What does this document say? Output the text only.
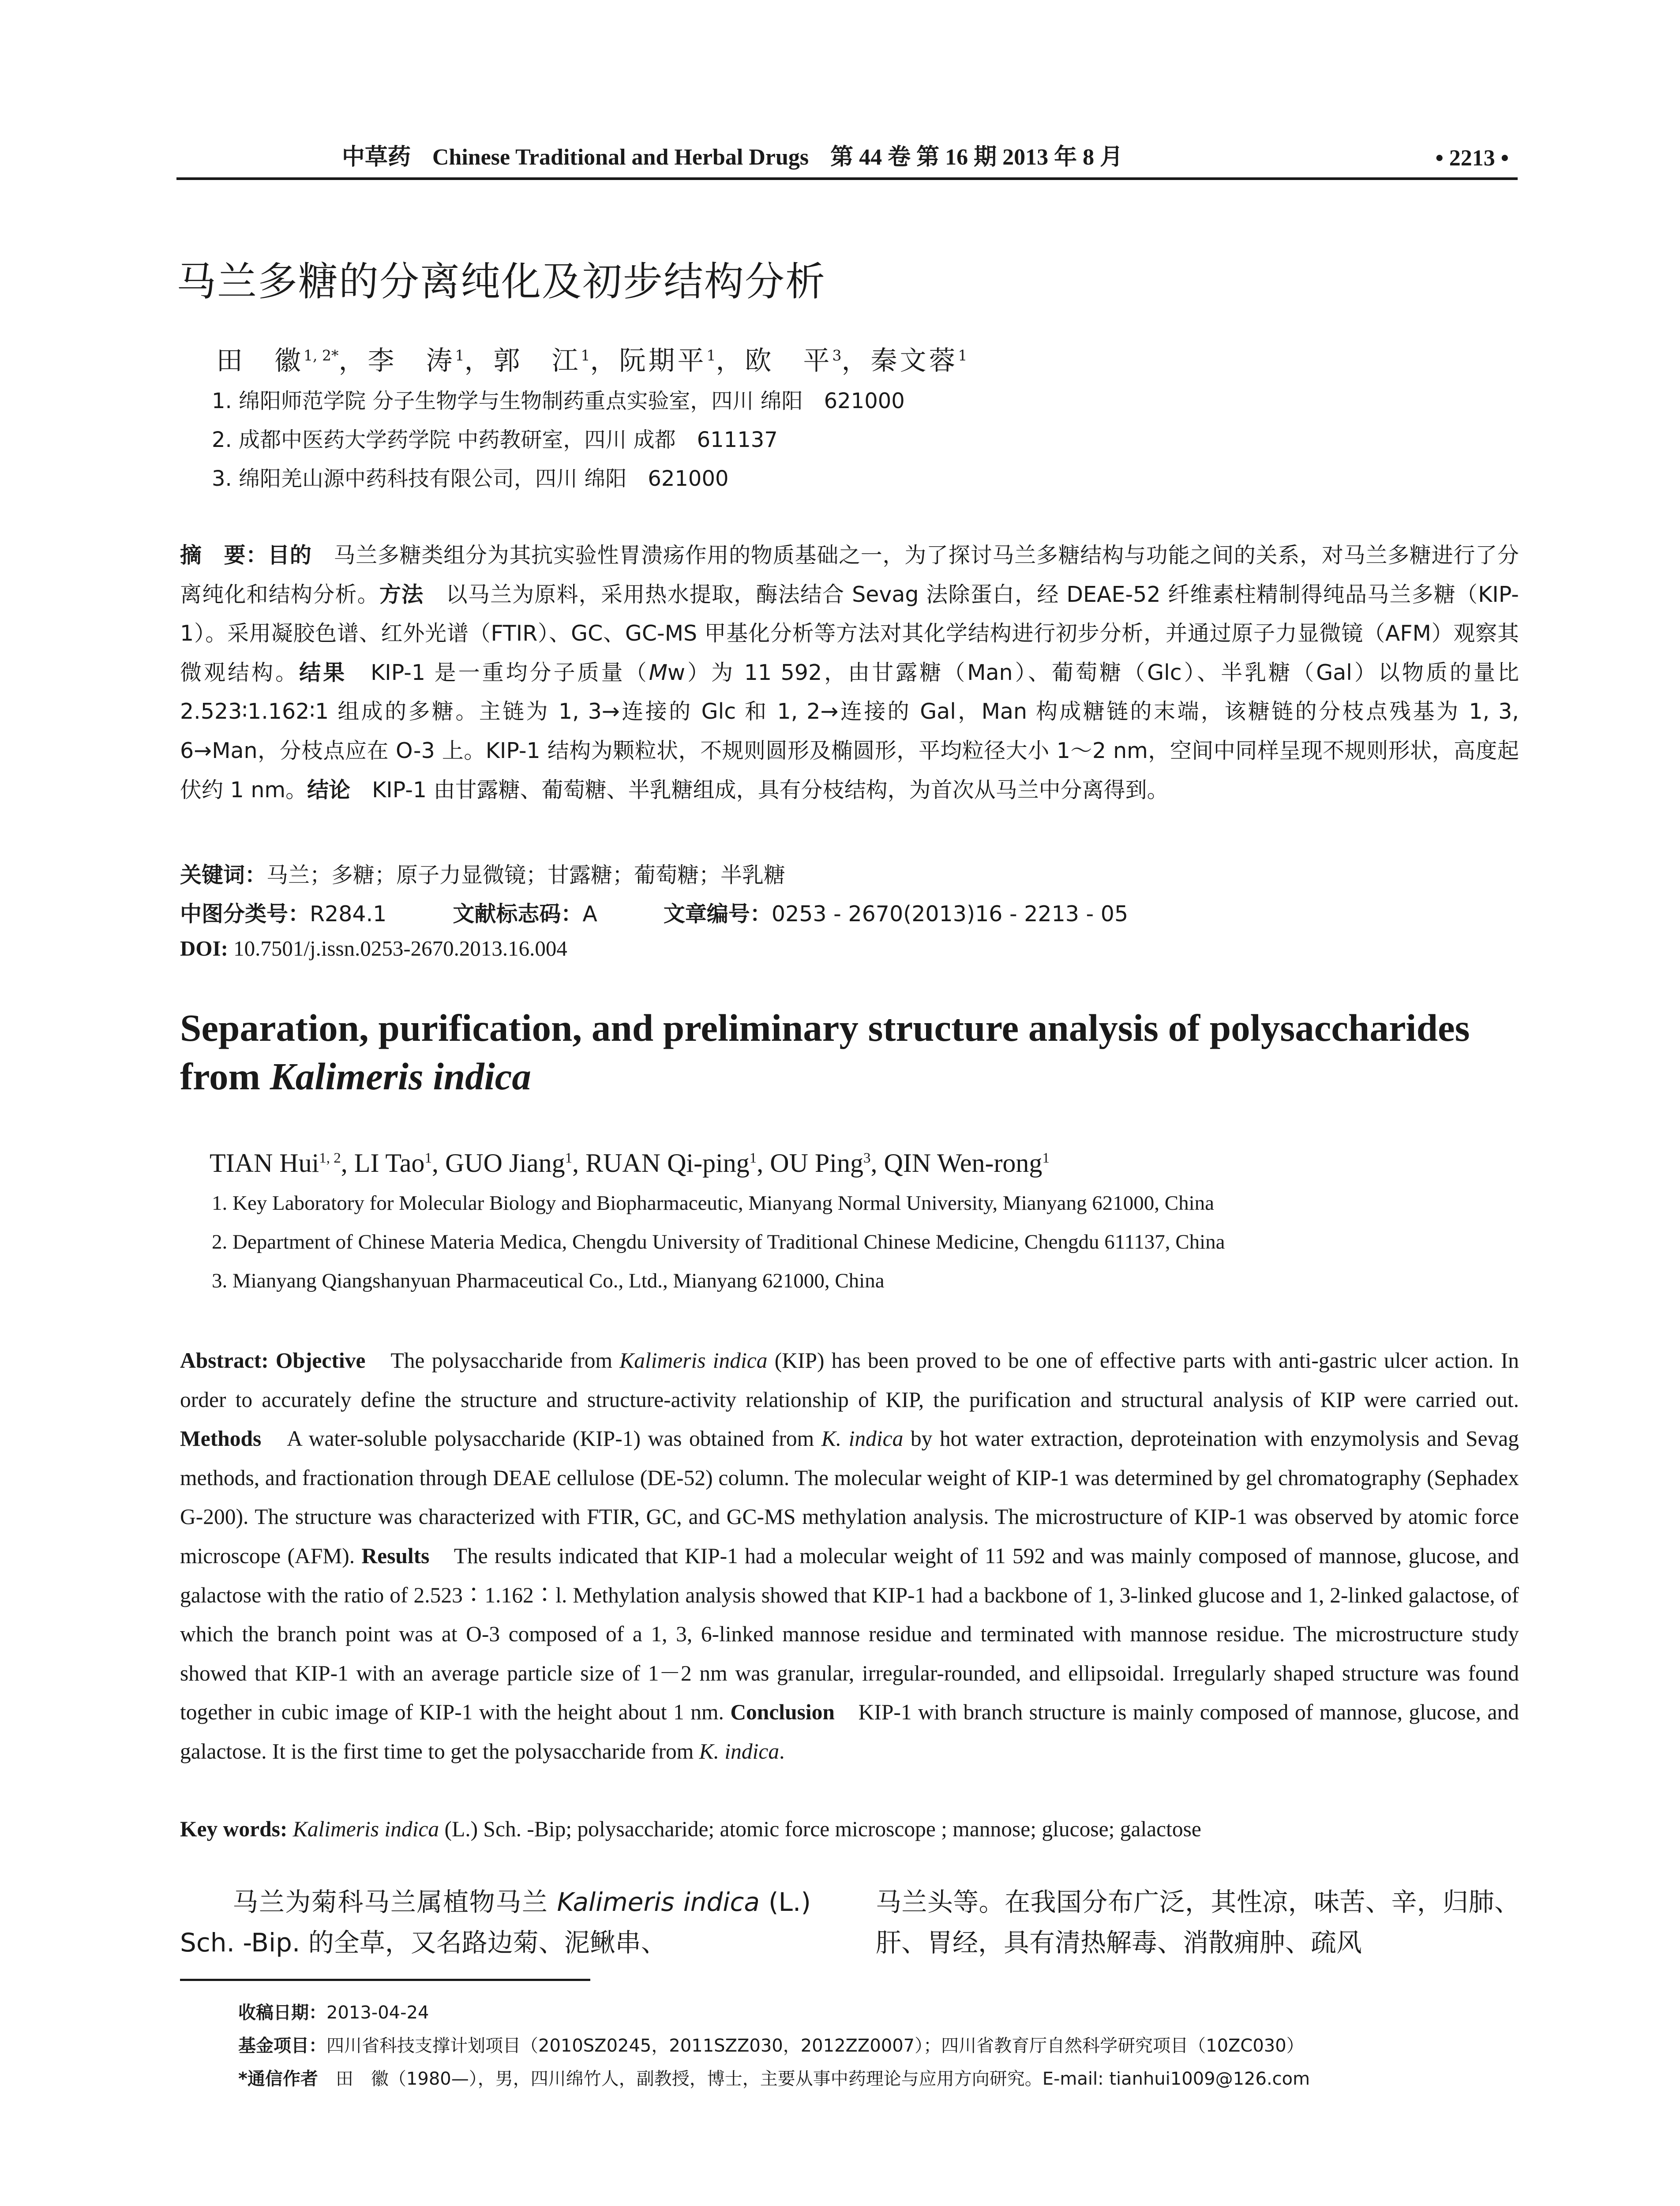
中草药 Chinese Traditional and Herbal Drugs 第 44 卷 第 16 期 2013 年 8 月	• 2213 •
马兰多糖的分离纯化及初步结构分析
田　徽$^{1, 2*}$，李　涛$^1$，郭　江$^1$，阮期平$^1$，欧　平$^3$，秦文蓉$^1$
1. 绵阳师范学院 分子生物学与生物制药重点实验室，四川 绵阳　621000
2. 成都中医药大学药学院 中药教研室，四川 成都　611137
3. 绵阳羌山源中药科技有限公司，四川 绵阳　621000
摘　要：目的　马兰多糖类组分为其抗实验性胃溃疡作用的物质基础之一，为了探讨马兰多糖结构与功能之间的关系，对马兰多糖进行了分离纯化和结构分析。方法　以马兰为原料，采用热水提取，酶法结合 Sevag 法除蛋白，经 DEAE-52 纤维素柱精制得纯品马兰多糖（KIP-1）。采用凝胶色谱、红外光谱（FTIR）、GC、GC-MS 甲基化分析等方法对其化学结构进行初步分析，并通过原子力显微镜（AFM）观察其微观结构。结果　KIP-1 是一重均分子质量（Mw）为 11 592，由甘露糖（Man）、葡萄糖（Glc）、半乳糖（Gal）以物质的量比 2.523∶1.162∶1 组成的多糖。主链为 1, 3→连接的 Glc 和 1, 2→连接的 Gal，Man 构成糖链的末端，该糖链的分枝点残基为 1, 3, 6→Man，分枝点应在 O-3 上。KIP-1 结构为颗粒状，不规则圆形及椭圆形，平均粒径大小 1～2 nm，空间中同样呈现不规则形状，高度起伏约 1 nm。结论　KIP-1 由甘露糖、葡萄糖、半乳糖组成，具有分枝结构，为首次从马兰中分离得到。
关键词：马兰；多糖；原子力显微镜；甘露糖；葡萄糖；半乳糖
中图分类号：R284.1	文献标志码：A	文章编号：0253 - 2670(2013)16 - 2213 - 05
DOI: 10.7501/j.issn.0253-2670.2013.16.004
Separation, purification, and preliminary structure analysis of polysaccharides from Kalimeris indica
TIAN Hui$^{1, 2}$, LI Tao$^1$, GUO Jiang$^1$, RUAN Qi-ping$^1$, OU Ping$^3$, QIN Wen-rong$^1$
1. Key Laboratory for Molecular Biology and Biopharmaceutic, Mianyang Normal University, Mianyang 621000, China
2. Department of Chinese Materia Medica, Chengdu University of Traditional Chinese Medicine, Chengdu 611137, China
3. Mianyang Qiangshanyuan Pharmaceutical Co., Ltd., Mianyang 621000, China
Abstract: Objective　The polysaccharide from Kalimeris indica (KIP) has been proved to be one of effective parts with anti-gastric ulcer action. In order to accurately define the structure and structure-activity relationship of KIP, the purification and structural analysis of KIP were carried out. Methods　A water-soluble polysaccharide (KIP-1) was obtained from K. indica by hot water extraction, deproteination with enzymolysis and Sevag methods, and fractionation through DEAE cellulose (DE-52) column. The molecular weight of KIP-1 was determined by gel chromatography (Sephadex G-200). The structure was characterized with FTIR, GC, and GC-MS methylation analysis. The microstructure of KIP-1 was observed by atomic force microscope (AFM). Results　The results indicated that KIP-1 had a molecular weight of 11 592 and was mainly composed of mannose, glucose, and galactose with the ratio of 2.523∶1.162∶l. Methylation analysis showed that KIP-1 had a backbone of 1, 3-linked glucose and 1, 2-linked galactose, of which the branch point was at O-3 composed of a 1, 3, 6-linked mannose residue and terminated with mannose residue. The microstructure study showed that KIP-1 with an average particle size of 1－2 nm was granular, irregular-rounded, and ellipsoidal. Irregularly shaped structure was found together in cubic image of KIP-1 with the height about 1 nm. Conclusion　KIP-1 with branch structure is mainly composed of mannose, glucose, and galactose. It is the first time to get the polysaccharide from K. indica.
Key words: Kalimeris indica (L.) Sch. -Bip; polysaccharide; atomic force microscope ; mannose; glucose; galactose
　　马兰为菊科马兰属植物马兰 Kalimeris indica (L.) Sch. -Bip. 的全草，又名路边菊、泥鳅串、
马兰头等。在我国分布广泛，其性凉，味苦、辛，归肺、肝、胃经，具有清热解毒、消散痈肿、疏风
收稿日期：2013-04-24
基金项目：四川省科技支撑计划项目（2010SZ0245，2011SZZ030，2012ZZ0007）；四川省教育厅自然科学研究项目（10ZC030）
*通信作者　田　徽（1980—），男，四川绵竹人，副教授，博士，主要从事中药理论与应用方向研究。E-mail: tianhui1009@126.com
